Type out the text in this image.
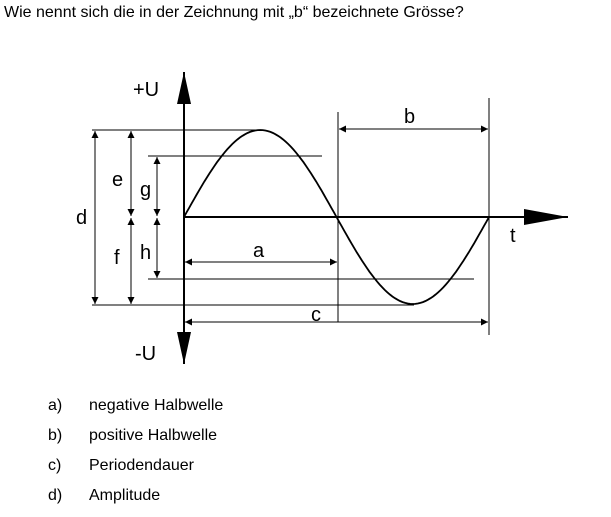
Wie nennt sich die in der Zeichnung mit „b“ bezeichnete Grösse?
+U
-U
t
b
a
c
d
e
f
g
h
a) negative Halbwelle
b) positive Halbwelle
c) Periodendauer
d) Amplitude
